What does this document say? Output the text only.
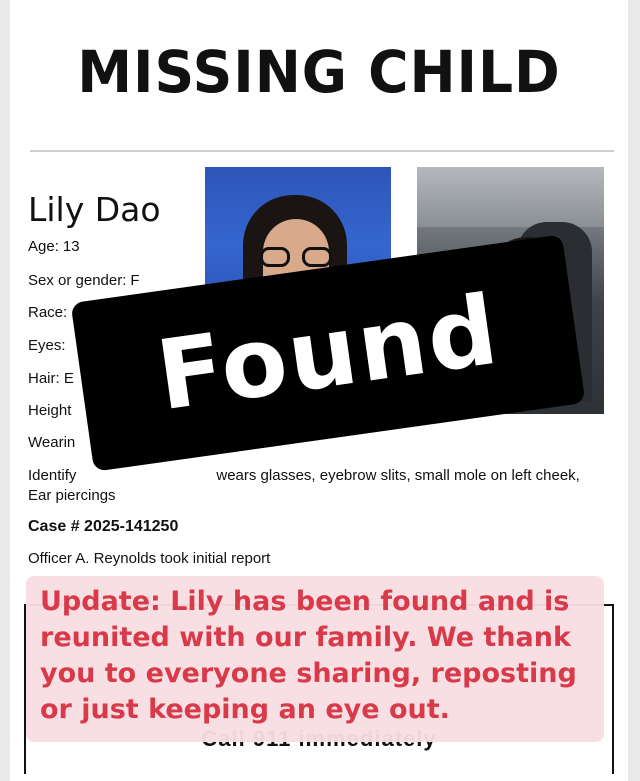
MISSING CHILD
Lily Dao
Age: 13
Sex or gender: F
Race:
Eyes:
Hair: E
Height
Wearin
Identify	wears glasses, eyebrow slits, small mole on left cheek, Ear piercings
Case # 2025-141250
Officer A. Reynolds took initial report
Found

Update: Lily has been found and is reunited with our family. We thank you to everyone sharing, reposting or just keeping an eye out.
